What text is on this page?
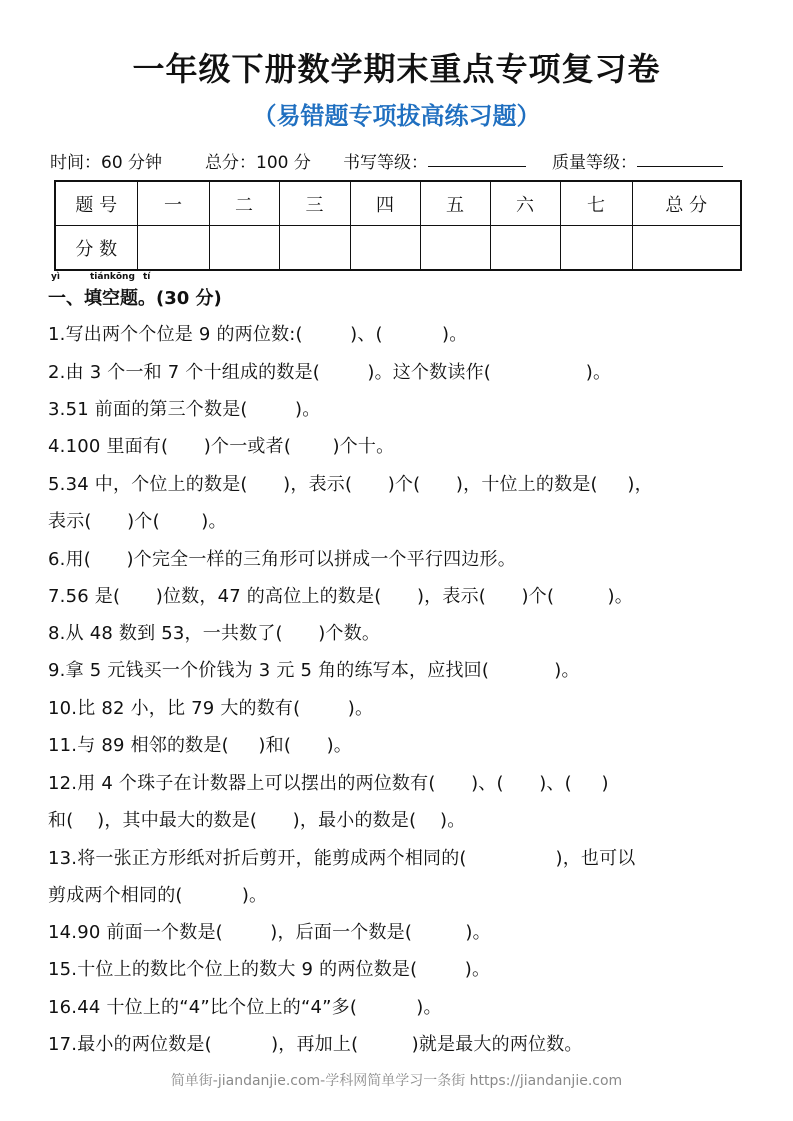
一年级下册数学期末重点专项复习卷
（易错题专项拔高练习题）
时间：60 分钟	总分：100 分 书写等级：	质量等级：
题 号	一	二	三	四	五	六	七	总 分
分 数								
yì	tiánkōng tí
一、填空题。(30 分)
1.写出两个个位是 9 的两位数:(        )、(          )。
2.由 3 个一和 7 个十组成的数是(        )。这个数读作(                )。
3.51 前面的第三个数是(        )。
4.100 里面有(      )个一或者(       )个十。
5.34 中，个位上的数是(      )，表示(      )个(      )，十位上的数是(     )，
表示(      )个(       )。
6.用(      )个完全一样的三角形可以拼成一个平行四边形。
7.56 是(      )位数，47 的高位上的数是(      )，表示(      )个(         )。
8.从 48 数到 53，一共数了(      )个数。
9.拿 5 元钱买一个价钱为 3 元 5 角的练写本，应找回(           )。
10.比 82 小，比 79 大的数有(        )。
11.与 89 相邻的数是(     )和(      )。
12.用 4 个珠子在计数器上可以摆出的两位数有(      )、(      )、(     )
和(    )，其中最大的数是(      )，最小的数是(    )。
13.将一张正方形纸对折后剪开，能剪成两个相同的(               )，也可以
剪成两个相同的(          )。
14.90 前面一个数是(        )，后面一个数是(         )。
15.十位上的数比个位上的数大 9 的两位数是(        )。
16.44 十位上的“4”比个位上的“4”多(          )。
17.最小的两位数是(          )，再加上(         )就是最大的两位数。
简单街-jiandanjie.com-学科网简单学习一条街 https://jiandanjie.com
